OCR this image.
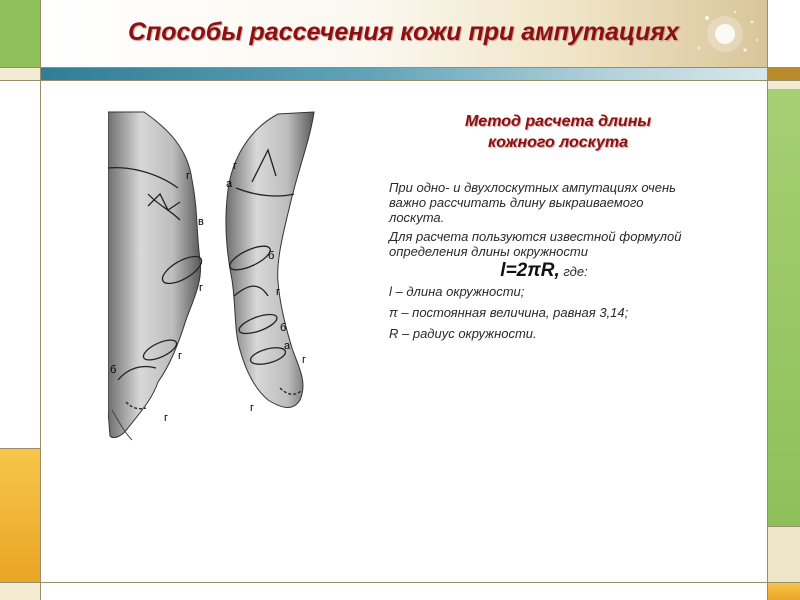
Способы рассечения кожи при ампутациях
г
в
г
г
б
г
г
а
б
г
б
а
г
г
Метод расчета длины
кожного лоскута

При одно- и двухлоскутных ампутациях очень важно рассчитать длину выкраиваемого лоскута.

Для расчета пользуются известной формулой определения длины окружности

l=2πR, где:

l – длина окружности;

π – постоянная величина, равная 3,14;

R – радиус окружности.
